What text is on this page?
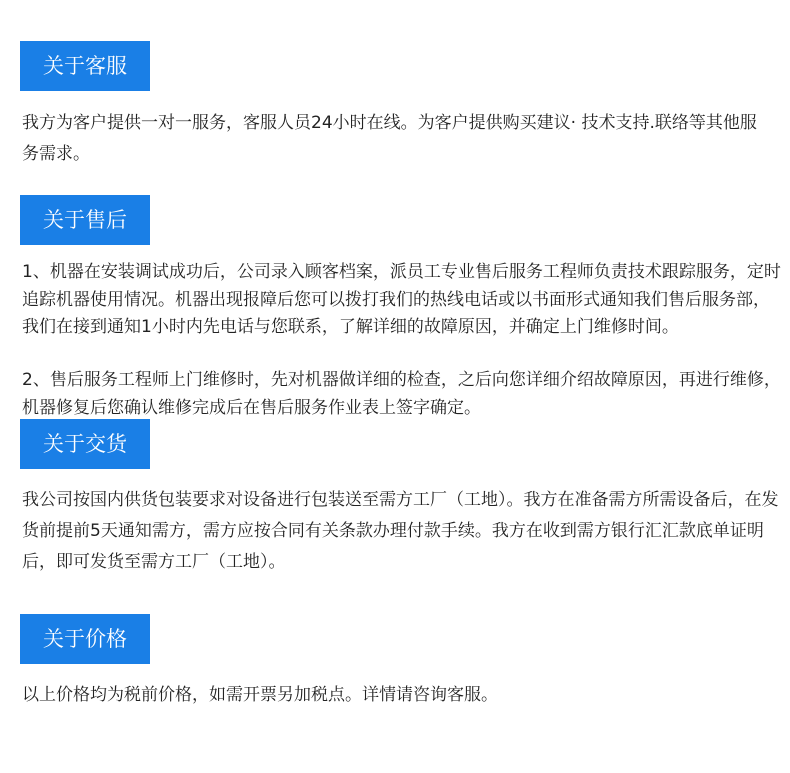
关于客服

我方为客户提供一对一服务，客服人员24小时在线。为客户提供购买建议· 技术支持.联络等其他服务需求。

关于售后

1、机器在安装调试成功后，公司录入顾客档案，派员工专业售后服务工程师负责技术跟踪服务，定时追踪机器使用情况。机器出现报障后您可以拨打我们的热线电话或以书面形式通知我们售后服务部，我们在接到通知1小时内先电话与您联系，了解详细的故障原因，并确定上门维修时间。

2、售后服务工程师上门维修时，先对机器做详细的检查，之后向您详细介绍故障原因，再进行维修，机器修复后您确认维修完成后在售后服务作业表上签字确定。

关于交货

我公司按国内供货包装要求对设备进行包装送至需方工厂（工地）。我方在准备需方所需设备后，在发货前提前5天通知需方，需方应按合同有关条款办理付款手续。我方在收到需方银行汇汇款底单证明后，即可发货至需方工厂（工地）。

关于价格

以上价格均为税前价格，如需开票另加税点。详情请咨询客服。
